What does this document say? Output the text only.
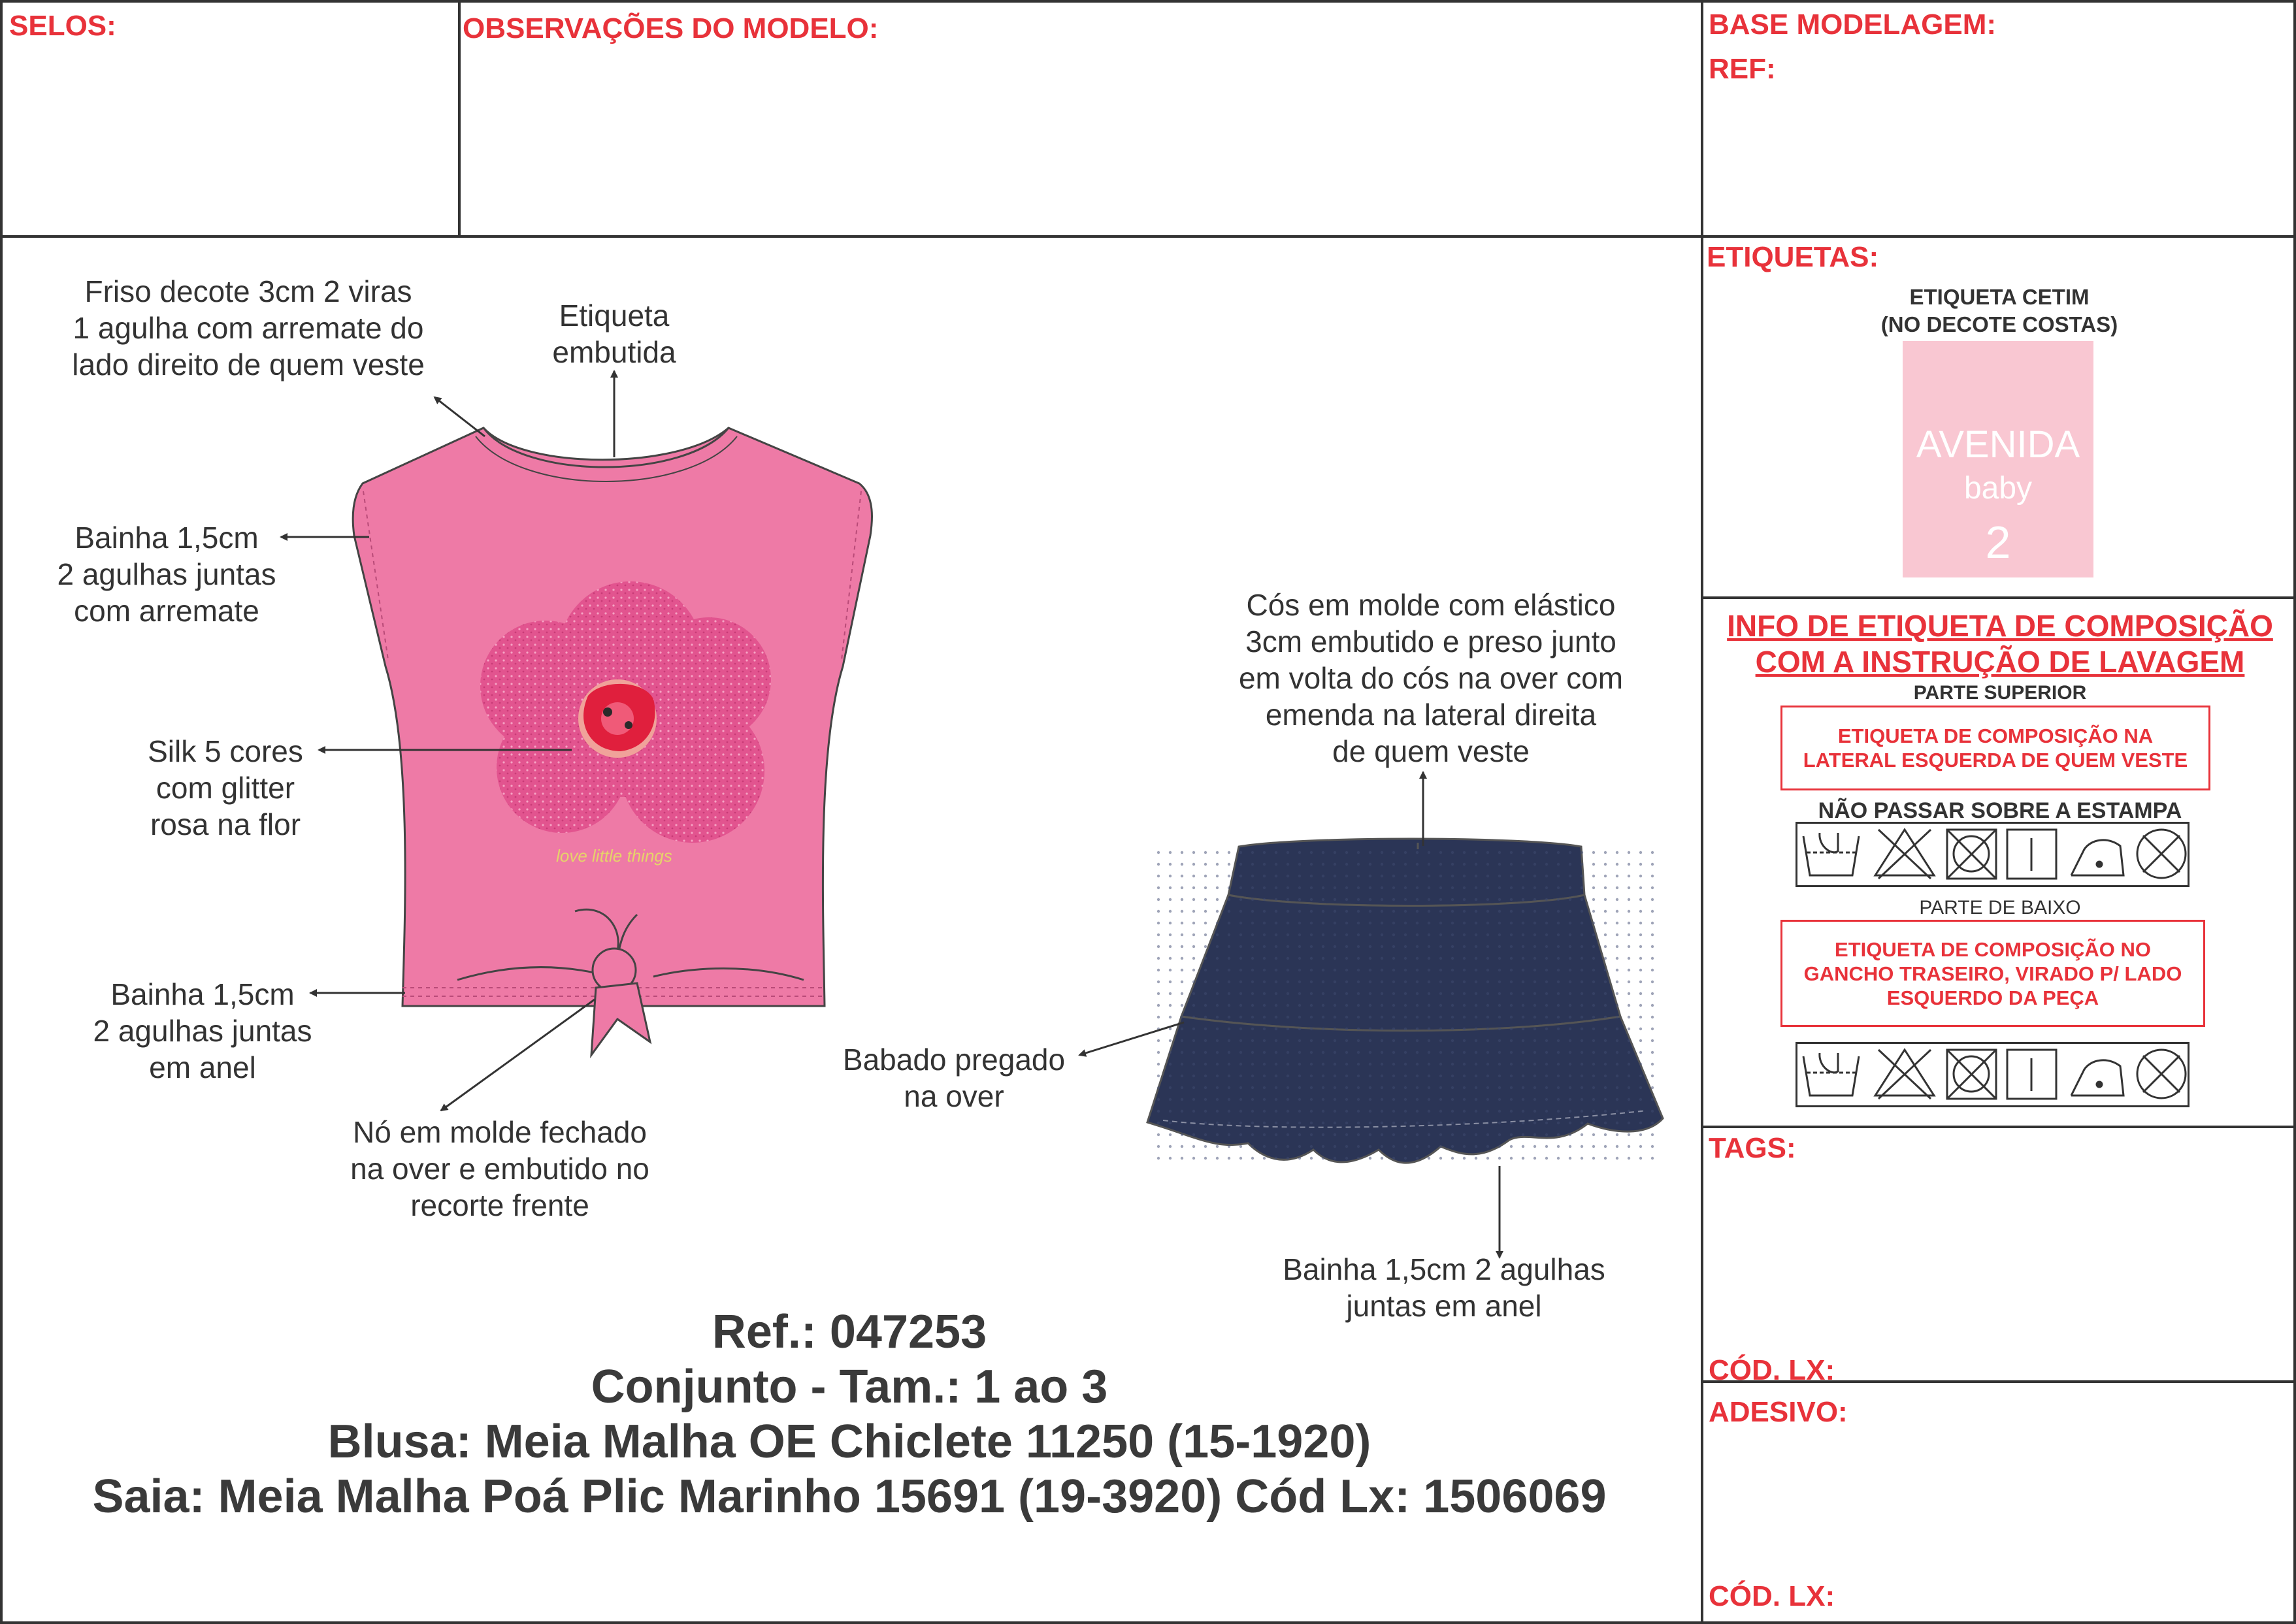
SELOS:	OBSERVAÇÕES DO MODELO:	BASE MODELAGEM:
REF:
love little things
Friso decote 3cm 2 viras
1 agulha com arremate do
lado direito de quem veste
Etiqueta
embutida
Bainha 1,5cm
2 agulhas juntas
com arremate
Silk 5 cores
com glitter
rosa na flor
Bainha 1,5cm
2 agulhas juntas
em anel
Nó em molde fechado
na over e embutido no
recorte frente
Cós em molde com elástico
3cm embutido e preso junto
em volta do cós na over com
emenda na lateral direita
de quem veste
Babado pregado
na over
Bainha 1,5cm 2 agulhas
juntas em anel
Ref.: 047253
Conjunto - Tam.: 1 ao 3
Blusa: Meia Malha OE Chiclete 11250 (15-1920)
Saia: Meia Malha Poá Plic Marinho 15691 (19-3920) Cód Lx: 1506069
ETIQUETAS:
ETIQUETA CETIM
(NO DECOTE COSTAS)
AVENIDA
baby
2
INFO DE ETIQUETA DE COMPOSIÇÃO
COM A INSTRUÇÃO DE LAVAGEM
PARTE SUPERIOR
ETIQUETA DE COMPOSIÇÃO NA LATERAL ESQUERDA DE QUEM VESTE
NÃO PASSAR SOBRE A ESTAMPA
PARTE DE BAIXO
ETIQUETA DE COMPOSIÇÃO NO GANCHO TRASEIRO, VIRADO P/ LADO ESQUERDO DA PEÇA
TAGS:
CÓD. LX:
ADESIVO:
CÓD. LX:
